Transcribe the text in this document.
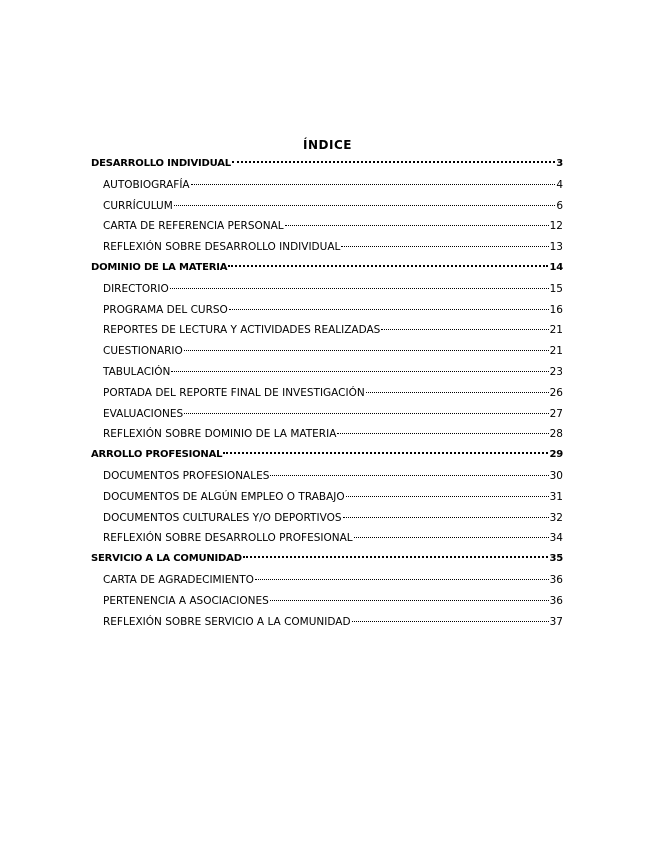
ÍNDICE
DESARROLLO INDIVIDUAL	3
AUTOBIOGRAFÍA	4
CURRÍCULUM	6
CARTA DE REFERENCIA PERSONAL	12
REFLEXIÓN SOBRE DESARROLLO INDIVIDUAL	13
DOMINIO DE LA MATERIA	14
DIRECTORIO	15
PROGRAMA DEL CURSO	16
REPORTES DE LECTURA Y ACTIVIDADES REALIZADAS	21
CUESTIONARIO	21
TABULACIÓN	23
PORTADA DEL REPORTE FINAL DE INVESTIGACIÓN	26
EVALUACIONES	27
REFLEXIÓN SOBRE DOMINIO DE LA MATERIA	28
ARROLLO PROFESIONAL	29
DOCUMENTOS PROFESIONALES	30
DOCUMENTOS DE ALGÚN EMPLEO O TRABAJO	31
DOCUMENTOS CULTURALES Y/O DEPORTIVOS	32
REFLEXIÓN SOBRE DESARROLLO PROFESIONAL	34
SERVICIO A LA COMUNIDAD	35
CARTA DE AGRADECIMIENTO	36
PERTENENCIA A ASOCIACIONES	36
REFLEXIÓN SOBRE SERVICIO A LA COMUNIDAD	37
